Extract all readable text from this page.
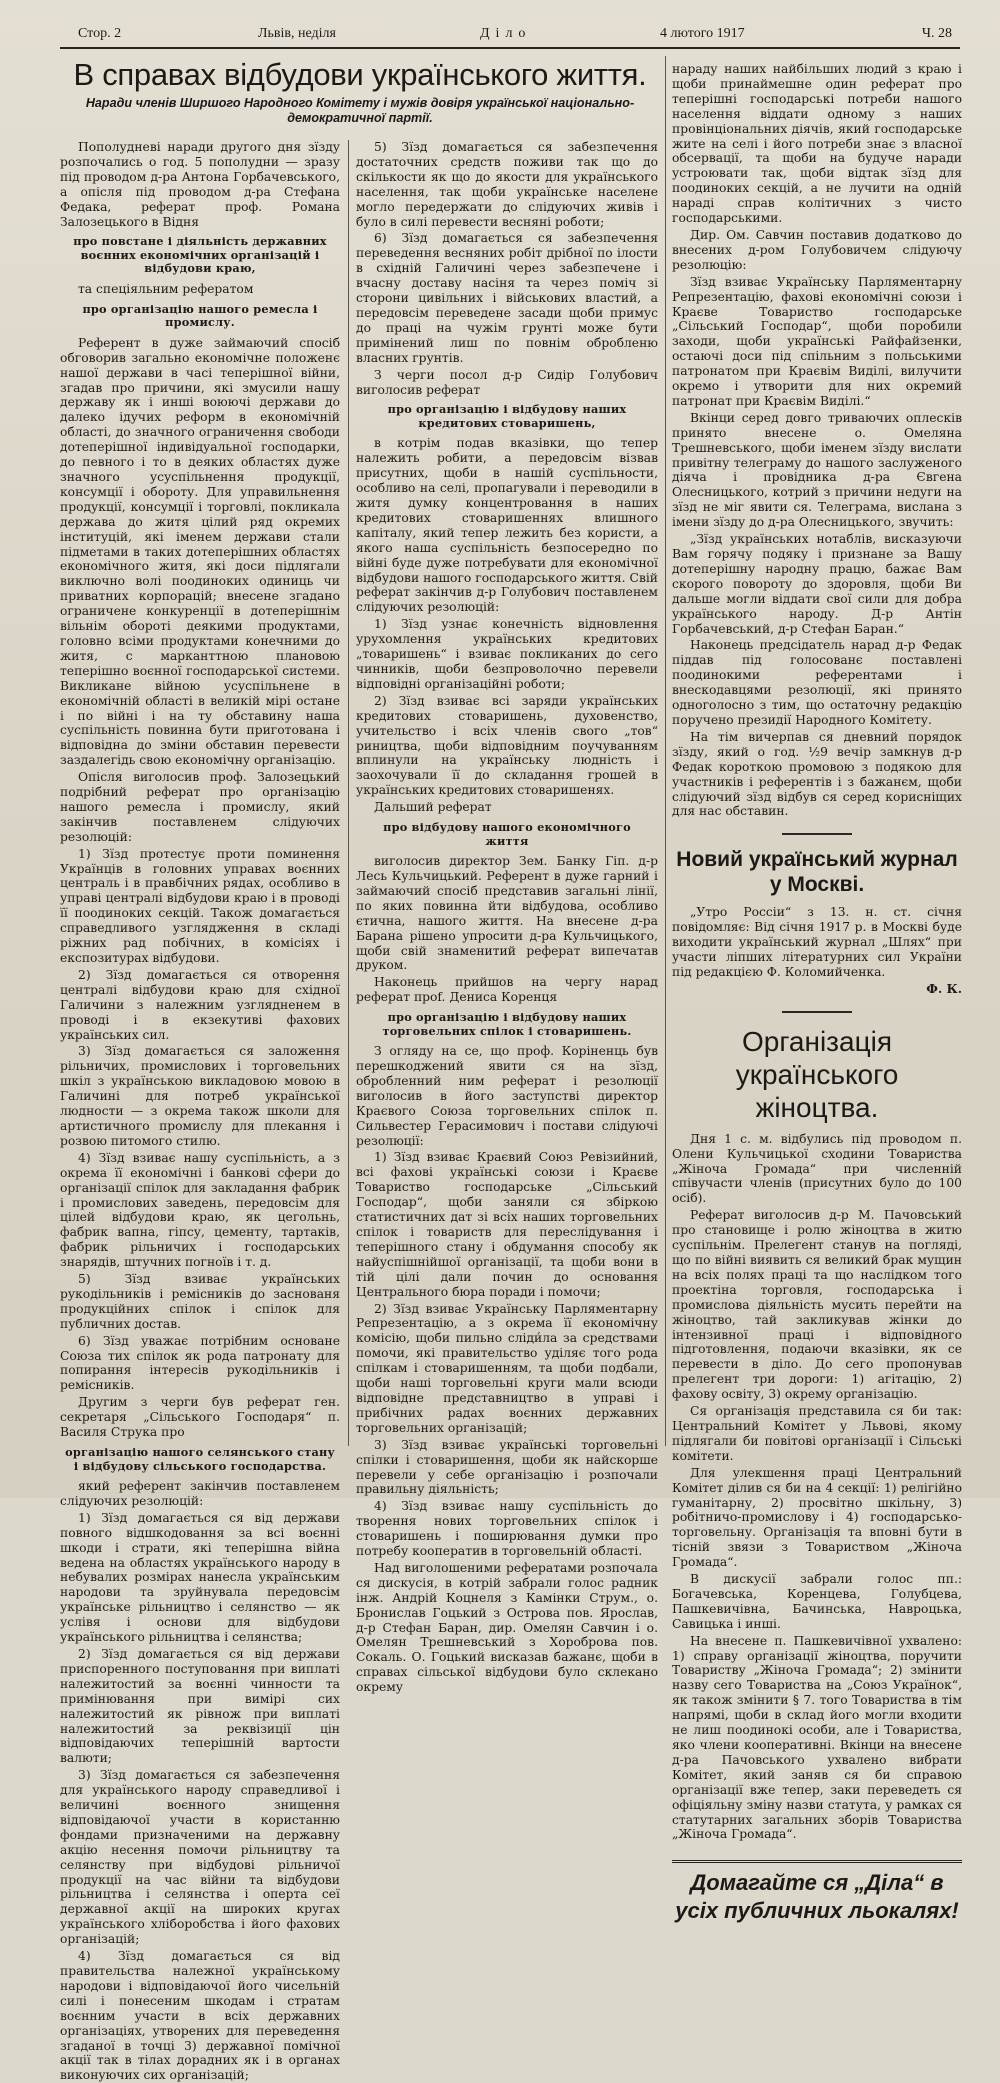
Стор. 2	Львів, неділя	Діло	4 лютого 1917	Ч. 28
В справах відбудови українського життя.
Наради членів Ширшого Народного Комітету і мужів довіря української національно-демократичної партії.

Пополудневі наради другого дня зїзду розпочались о год. 5 пополудни — зразу під проводом д-ра Антона Горбачевського, а опісля під проводом д-ра Стефана Федака, реферат проф. Романа Залозецького в Відня

про повстане і діяльність державних воєнних економічних організацій і відбудови краю,

та спеціяльним рефератом

про організацію нашого ремесла і промислу.

Референт в дуже займаючий спосіб обговорив загально економічне положенє нашої держави в часі теперішної війни, згадав про причини, які змусили нашу державу як і инші воюючі держави до далеко ідучих реформ в економічній області, до значного ограничення свободи дотеперішної індивідуальної господарки, до певного і то в деяких областях дуже значного усуспільнення продукції, консумції і обороту. Для управильнення продукції, консумції і торговлі, покликала держава до житя цілий ряд окремих інституцій, які іменем держави стали підметами в таких дотеперішних областях економічного житя, які доси підлягали виключно волі поодиноких одиниць чи приватних корпорацій; внесене згадано ограничене конкуренції в дотеперішнім вільнім обороті деякими продуктами, головно всіми продуктами конечними до житя, с марканттною плановою теперішно воєнної господарської системи. Викликане війною усуспільнене в економічній області в великій мірі остане і по війні і на ту обставину наша суспільність повинна бути приготована і відповідна до зміни обставин перевести заздалегідь свою економічну організацію.

Опісля виголосив проф. Залозецький подрібний реферат про організацію нашого ремесла і промислу, який закінчив поставленем слідуючих резолюцій:

1) Зїзд протестує проти поминення Українців в головних управах воєнних централь і в правбічних рядах, особливо в управі централі відбудови краю і в проводі її поодиноких секцій. Також домагається справедливого узглядження в складі ріжних рад побічних, в комісіях і експозитурах відбудови.

2) Зїзд домагається ся отворення централі відбудови краю для східної Галичини з належним узглядненем в проводі і в екзекутиві фахових українських сил.

3) Зїзд домагається ся заложення рільничих, промислових і торговельних шкіл з українською викладовою мовою в Галичині для потреб української людности — з окрема також школи для артистичного промислу для плекання і розвою питомого стилю.

4) Зїзд взиває нашу суспільність, а з окрема її економічні і банкові сфери до організації спілок для закладання фабрик і промислових заведень, передовсім для цілей відбудови краю, як цегольнь, фабрик вапна, гіпсу, цементу, тартаків, фабрик рільничих і господарських знарядів, штучних погноїв і т. д.

5) Зїзд взиває українських рукодільників і ремісників до заснованя продукційних спілок і спілок для публичних достав.

6) Зїзд уважає потрібним основане Союза тих спілок як рода патронату для попирання інтересів рукодільників і ремісників.

Другим з черги був реферат ген. секретаря „Сільського Господаря“ п. Василя Струка про

організацію нашого селянського стану і відбудову сільського господарства.

який референт закінчив поставленем слідуючих резолюцій:

1) Зїзд домагається ся від держави повного відшкодовання за всі воєнні шкоди і страти, які теперішна війна ведена на областях українського народу в небувалих розмірах нанесла українським народови та зруйнувала передовсім українське рільництво і селянство — як услівя і основи для відбудови українського рільництва і селянства;

2) Зїзд домагається ся від держави приспоренного поступовання при виплаті належитостий за воєнні чинности та примінювання при вимірі сих належитостий як рівнож при виплаті належитостий за реквізиції цін відповідаючих теперішній вартости валюти;

3) Зїзд домагається ся забезпечення для українського народу справедливої і величині воєнного знищення відповідаючої участи в користанню фондами призначеними на державну акцію несення помочи рільництву та селянству при відбудові рільничої продукції на час війни та відбудови рільництва і селянства і оперта сеї державної акції на широких кругах українського хліборобства і його фахових організацій;

4) Зїзд домагається ся від правительства належної українському народови і відповідаючої його чисельній силі і понесеним шкодам і стратам воєнним участи в всіх державних організаціях, утворених для переведення згаданої в точці 3) державної помічної акції так в тілах дорадних як і в органах виконуючих сих організацій;

5) Зїзд домагається ся забезпечення достаточних средств поживи так що до скількости як що до якости для українського населення, так щоби українське населене могло передержати до слідуючих живів і було в силі перевести весняні роботи;

6) Зїзд домагається ся забезпечення переведення весняних робіт дрібної по ілости в східній Галичині через забезпечене і вчасну доставу насіня та через поміч зі сторони цивільних і військових властий, а передовсім переведене засади щоби примус до праці на чужім грунті може бути примінений лиш по повнім обробленю власних грунтів.

З черги посол д-р Сидір Голубович виголосив реферат

про організацію і відбудову наших кредитових стоваришень,

в котрім подав вказівки, що тепер належить робити, а передовсім візвав присутних, щоби в нашій суспільности, особливо на селі, пропагували і переводили в житя думку концентровання в наших кредитових стоваришеннях влишного капіталу, який тепер лежить без користи, а якого наша суспільність безпосередно по війні буде дуже потребувати для економічної відбудови нашого господарського життя. Свій реферат закінчив д-р Голубович поставленем слідуючих резолюцій:

1) Зїзд узнає конечність відновлення урухомлення українських кредитових „товаришень“ і взиває покликаних до сего чинників, щоби безпроволочно перевели відповідні організаційні роботи;

2) Зїзд взиває всі заряди українських кредитових стоваришень, духовенство, учительство і всіх членів свого „тов“ риництва, щоби відповідним поучуванням вплинули на українську людність і заохочували її до складання грошей в українських кредитових стоваришенях.

Дальший реферат

про відбудову нашого економічного життя

виголосив директор Зем. Банку Гіп. д-р Лесь Кульчицький. Референт в дуже гарний і займаючий спосіб представив загальні лінії, по яких повинна йти відбудова, особливо єтична, нашого життя. На внесене д-ра Барана рішено упросити д-ра Кульчицького, щоби свій знаменитий реферат випечатав друком.

Наконець прийшов на чергу нарад реферат прof. Дениса Коренця

про організацію і відбудову наших торговельних спілок і стоваришень.

З огляду на се, що проф. Коріненць був перешкоджений явити ся на зїзд, обробленний ним реферат і резолюції виголосив в його заступстві директор Краєвого Союза торговельних спілок п. Сильвестер Герасимович і постави слідуючі резолюції:

1) Зїзд взиває Краєвий Союз Ревізийний, всі фахові українські союзи і Краєве Товариство господарське „Сільський Господар“, щоби заняли ся збіркою статистичних дат зі всіх наших торговельних спілок і товариств для переслідування і теперішного стану і обдумання способу як найуспішнійшої організації, та щоби вони в тій цілі дали почин до основання Центрального бюра поради і помочи;

2) Зїзд взиває Українську Парляментарну Репрезентацію, а з окрема її економічну комісію, щоби пильно сліди́ла за средствами помочи, які правительство уділяє того рода спілкам і стоваришенням, та щоби подбали, щоби наші торговельні круги мали всюди відповідне представництво в управі і прибічних радах воєнних державних торговельних організацій;

3) Зїзд взиває українські торговельні спілки і стоваришення, щоби як найскорше перевели у себе організацію і розпочали правильну діяльність;

4) Зїзд взиває нашу суспільність до творення нових торговельних спілок і стоваришень і поширювання думки про потребу кооператив в торговельній області.

Над виголошеними рефератами розпочала ся дискусія, в котрій забрали голос радник інж. Андрій Коцнеля з Камінки Струм., о. Бронислав Гоцький з Острова пов. Ярослав, д-р Стефан Баран, дир. Омелян Савчин і о. Омелян Трешневський з Хороброва пов. Сокаль. О. Гоцький висказав бажанє, щоби в справах сільської відбудови було склекано окрему

нараду наших найбільших людий з краю і щоби принаймешне один реферат про теперішні господарські потреби нашого населення віддати одному з наших провінціональних діячів, який господарське жите на селі і його потреби знає з власної обсервації, та щоби на будуче наради устроювати так, щоби відтак зїзд для поодиноких секцій, а не лучити на одній нараді справ колітичних з чисто господарськими.

Дир. Ом. Савчин поставив додатково до внесених д-ром Голубовичем слідуючу резолюцію:

Зїзд взиває Українську Парляментарну Репрезентацію, фахові економічні союзи і Краєве Товариство господарське „Сільський Господар“, щоби поробили заходи, щоби українські Райфайзенки, остаючі доси під спільним з польськими патронатом при Краєвім Виділі, вилучити окремо і утворити для них окремий патронат при Краєвім Виділі.“

Вкінци серед довго триваючих оплесків принято внесене о. Омеляна Трешневського, щоби іменем зїзду вислати привітну телеграму до нашого заслуженого діяча і провідника д-ра Євгена Олесницького, котрий з причини недуги на зїзд не міг явити ся. Телеграма, вислана з імени зїзду до д-ра Олесницького, звучить:

„Зїзд українських нотаблів, висказуючи Вам горячу подяку і признане за Вашу дотеперішну народну працю, бажає Вам скорого повороту до здоровля, щоби Ви дальше могли віддати свої сили для добра українського народу. Д-р Антін Горбачевський, д-р Стефан Баран.“

Наконець предсідатель нарад д-р Федак піддав під голосованє поставлені поодинокими референтами і внескодавцями резолюції, які принято одноголосно з тим, що остаточну редакцію поручено президії Народного Комітету.

На тім вичерпав ся дневний порядок зїзду, який о год. ½9 вечір замкнув д-р Федак короткою промовою з подякою для участників і референтів і з бажанєм, щоби слідуючий зїзд відбув ся серед корисніщих для нас обставин.

Новий український журнал у Москві.

„Утро Россіи“ з 13. н. ст. січня повідомляє: Від січня 1917 р. в Москві буде виходити український журнал „Шлях“ при участи ліпших літературних сил України під редакцією Ф. Коломийченка.

Ф. К.
Організація українського жіноцтва.

Дня 1 с. м. відбулись під проводом п. Олени Кульчицької сходини Товариства „Жіноча Громада“ при численній співучасти членів (присутних було до 100 осіб).

Реферат виголосив д-р М. Пачовський про становище і ролю жіноцтва в житю суспільнім. Прелегент станув на погляді, що по війні виявить ся великий брак мущин на всіх полях праці та що наслідком того проектіна торговля, господарська і промислова діяльність мусить перейти на жіноцтво, тай закликував жінки до інтензивної праці і відповідного підготовлення, подаючи вказівки, як се перевести в діло. До сего пропонував прелегент три дороги: 1) агітацію, 2) фахову освіту, 3) окрему організацію.

Ся організація представила ся би так: Центральний Комітет у Львові, якому підлягали би повітові організації і Сільські комітети.

Для улекшення праці Центральний Комітет ділив ся би на 4 секції: 1) релігійно гуманітарну, 2) просвітно шкільну, 3) робітничо-промислову і 4) господарсько-торговельну. Організація та вповні бути в тісній звязи з Товариством „Жіноча Громада“.

В дискусії забрали голос пп.: Богачевська, Коренцева, Голубцева, Пашкевичівна, Бачинська, Навроцька, Савицька і инші.

На внесене п. Пашкевичівної ухвалено: 1) справу організації жіноцтва, поручити Товариству „Жіноча Громада“; 2) змінити назву сего Товариства на „Союз Українок“, як також змінити § 7. того Товариства в тім напрямі, щоби в склад його могли входити не лиш поодинокі особи, але і Товариства, яко члени кооперативні. Вкінци на внесене д-ра Пачовського ухвалено вибрати Комітет, який заняв ся би справою організації вже тепер, заки переведеть ся офіціяльну зміну назви статута, у рамках ся статутарних загальних зборів Товариства „Жіноча Громада“.

Домагайте ся „Діла“ в усіх публичних льокалях!
